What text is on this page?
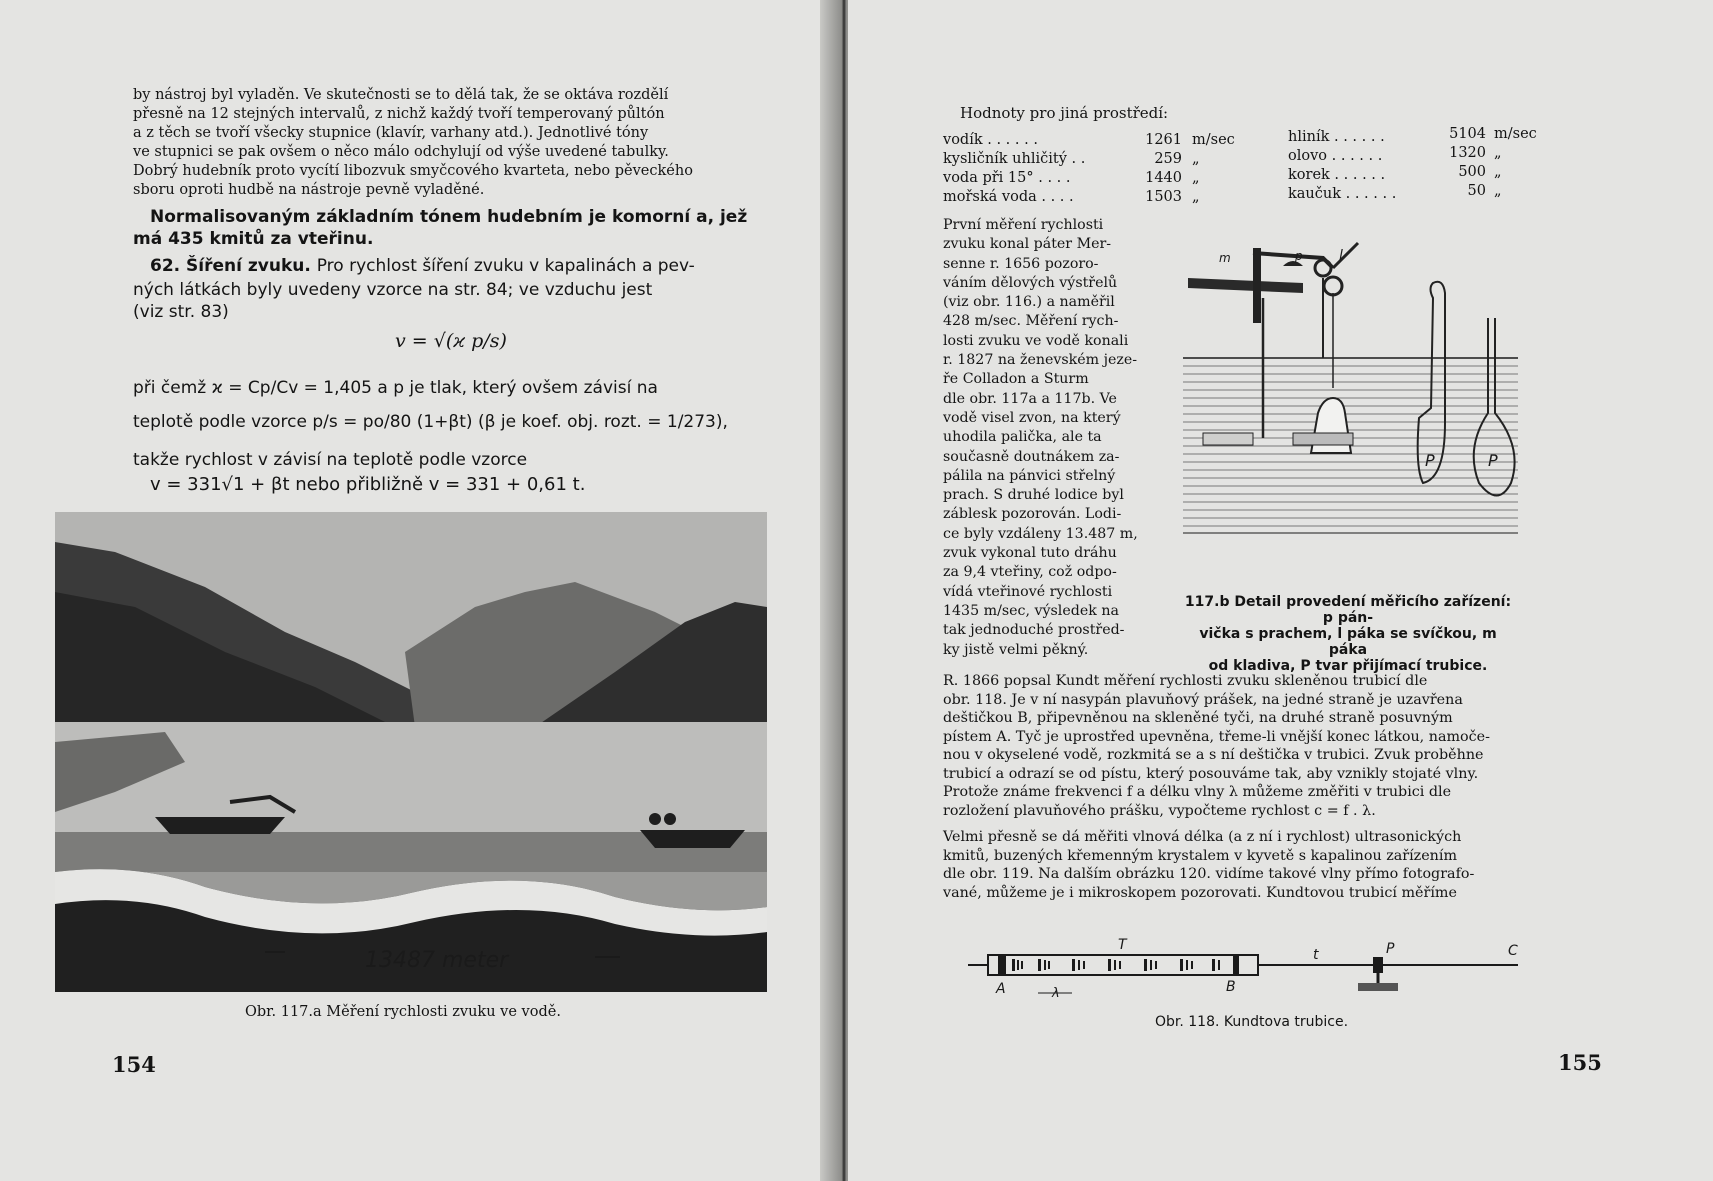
by nástroj byl vyladěn. Ve skutečnosti se to dělá tak, že se oktáva rozdělí
přesně na 12 stejných intervalů, z nichž každý tvoří temperovaný půltón
a z těch se tvoří všecky stupnice (klavír, varhany atd.). Jednotlivé tóny
ve stupnici se pak ovšem o něco málo odchylují od výše uvedené tabulky.
Dobrý hudebník proto vycítí libozvuk smyčcového kvarteta, nebo pěveckého
sboru oproti hudbě na nástroje pevně vyladěné.
Normalisovaným základním tónem hudebním je komorní a, jež
má 435 kmitů za vteřinu.
62. Šíření zvuku. Pro rychlost šíření zvuku v kapalinách a pev-
ných látkách byly uvedeny vzorce na str. 84; ve vzduchu jest
(viz str. 83)
v = √(ϰ p/s)
při čemž ϰ = Cp/Cv = 1,405 a p je tlak, který ovšem závisí na
teplotě podle vzorce p/s = po/80 (1+βt) (β je koef. obj. rozt. = 1/273),
takže rychlost v závisí na teplotě podle vzorce
v = 331√1 + βt nebo přibližně v = 331 + 0,61 t.
13487 meter
Obr. 117.a Měření rychlosti zvuku ve vodě.
154
Hodnoty pro jiná prostředí:
vodík . . . . . .	1261 m/sec
kysličník uhličitý . .	259 „
voda při 15° . . . .	1440 „
mořská voda . . . .	1503 „
hliník . . . . . .	5104 m/sec
olovo . . . . . .	1320 „
korek . . . . . .	500 „
kaučuk . . . . . .	50 „
První měření rychlosti
zvuku konal páter Mer-
senne r. 1656 pozoro-
váním dělových výstřelů
(viz obr. 116.) a naměřil
428 m/sec. Měření rych-
losti zvuku ve vodě konali
r. 1827 na ženevském jeze-
ře Colladon a Sturm
dle obr. 117a a 117b. Ve
vodě visel zvon, na který
uhodila palička, ale ta
současně doutnákem za-
pálila na pánvici střelný
prach. S druhé lodice byl
záblesk pozorován. Lodi-
ce byly vzdáleny 13.487 m,
zvuk vykonal tuto dráhu
za 9,4 vteřiny, což odpo-
vídá vteřinové rychlosti
1435 m/sec, výsledek na
tak jednoduché prostřed-
ky jistě velmi pěkný.
m	p	l
P	P
117.b Detail provedení měřicího zařízení: p pán-
vička s prachem, l páka se svíčkou, m páka
od kladiva, P tvar přijímací trubice.
R. 1866 popsal Kundt měření rychlosti zvuku skleněnou trubicí dle
obr. 118. Je v ní nasypán plavuňový prášek, na jedné straně je uzavřena
deštičkou B, připevněnou na skleněné tyči, na druhé straně posuvným
pístem A. Tyč je uprostřed upevněna, třeme-li vnější konec látkou, namoče-
nou v okyselené vodě, rozkmitá se a s ní deštička v trubici. Zvuk proběhne
trubicí a odrazí se od pístu, který posouváme tak, aby vznikly stojaté vlny.
Protože známe frekvenci f a délku vlny λ můžeme změřiti v trubici dle
rozložení plavuňového prášku, vypočteme rychlost c = f . λ.
Velmi přesně se dá měřiti vlnová délka (a z ní i rychlost) ultrasonických
kmitů, buzených křemenným krystalem v kyvetě s kapalinou zařízením
dle obr. 119. Na dalším obrázku 120. vidíme takové vlny přímo fotografo-
vané, můžeme je i mikroskopem pozorovati. Kundtovou trubicí měříme
T
t	P	C
A	B
λ
Obr. 118. Kundtova trubice.
155
